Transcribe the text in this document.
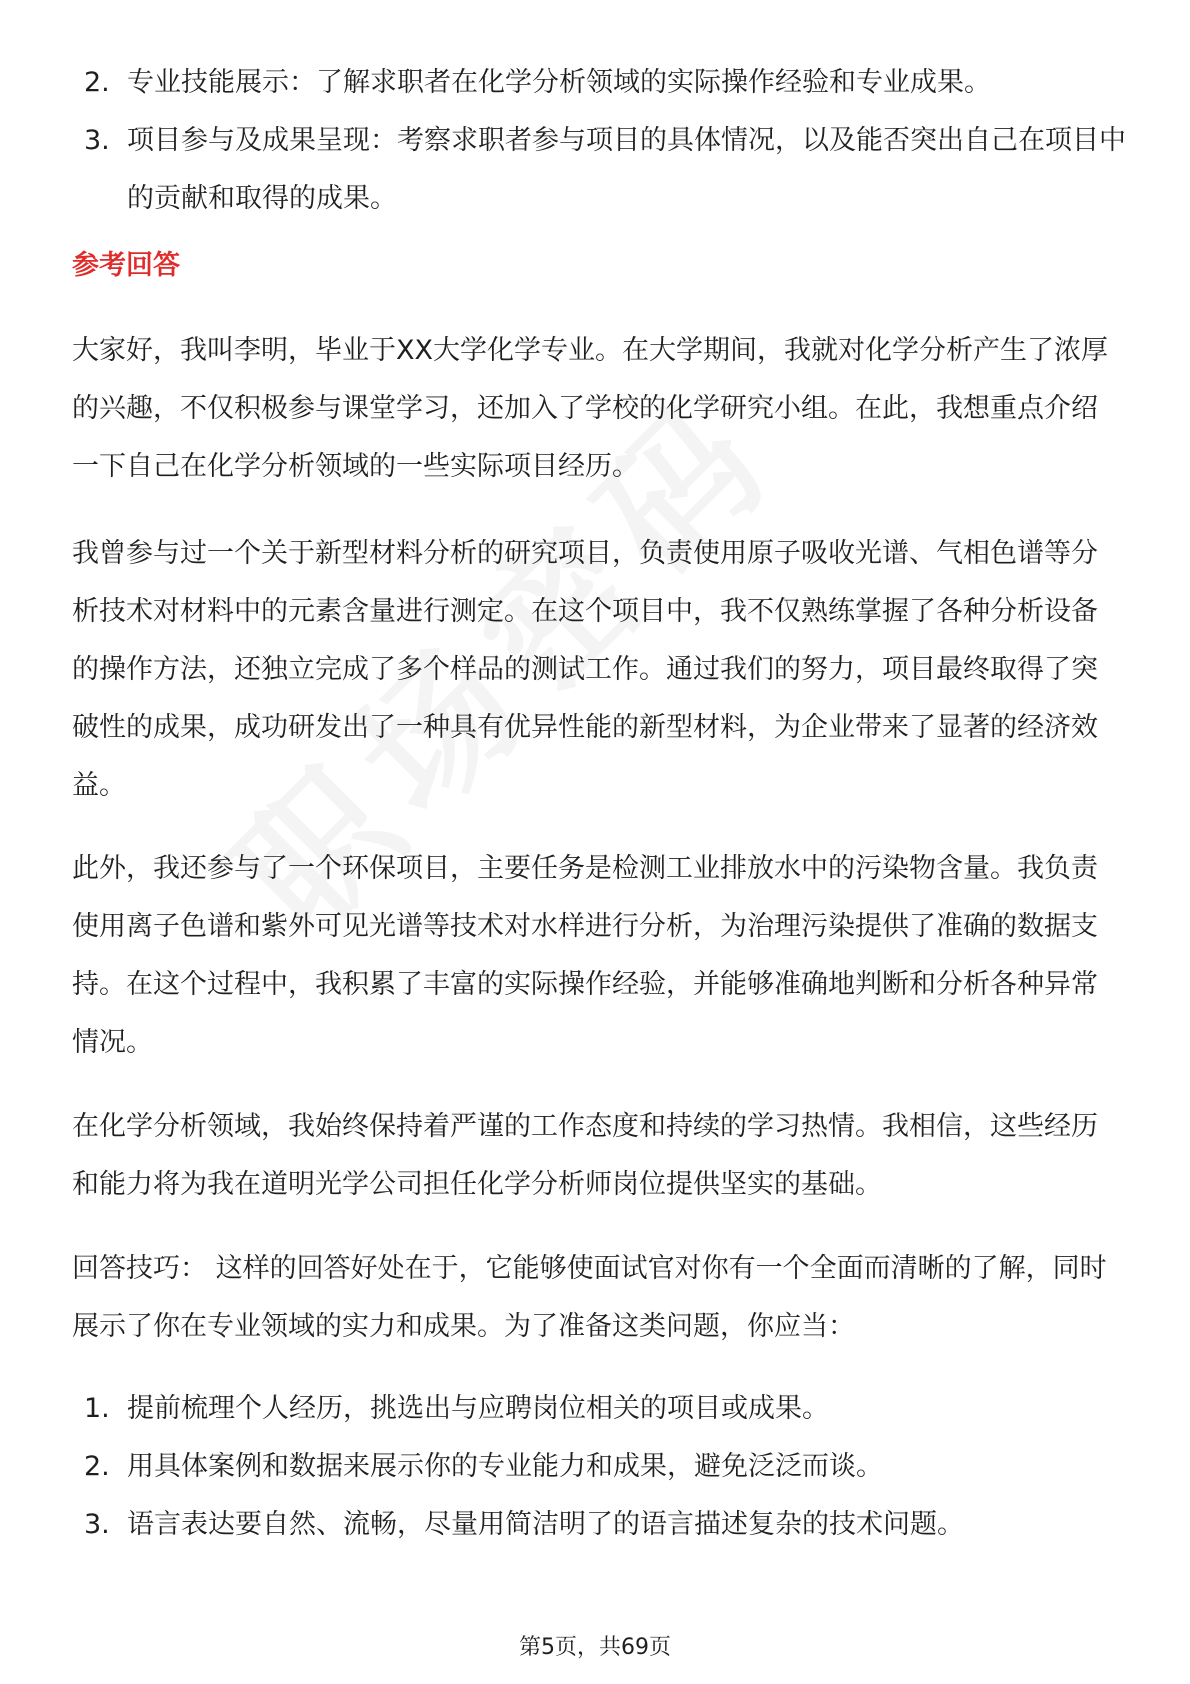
2. 专业技能展示：了解求职者在化学分析领域的实际操作经验和专业成果。
3. 项目参与及成果呈现：考察求职者参与项目的具体情况，以及能否突出自己在项目中的贡献和取得的成果。
参考回答

大家好，我叫李明，毕业于XX大学化学专业。在大学期间，我就对化学分析产生了浓厚的兴趣，不仅积极参与课堂学习，还加入了学校的化学研究小组。在此，我想重点介绍一下自己在化学分析领域的一些实际项目经历。

我曾参与过一个关于新型材料分析的研究项目，负责使用原子吸收光谱、气相色谱等分析技术对材料中的元素含量进行测定。在这个项目中，我不仅熟练掌握了各种分析设备的操作方法，还独立完成了多个样品的测试工作。通过我们的努力，项目最终取得了突破性的成果，成功研发出了一种具有优异性能的新型材料，为企业带来了显著的经济效益。

此外，我还参与了一个环保项目，主要任务是检测工业排放水中的污染物含量。我负责使用离子色谱和紫外可见光谱等技术对水样进行分析，为治理污染提供了准确的数据支持。在这个过程中，我积累了丰富的实际操作经验，并能够准确地判断和分析各种异常情况。

在化学分析领域，我始终保持着严谨的工作态度和持续的学习热情。我相信，这些经历和能力将为我在道明光学公司担任化学分析师岗位提供坚实的基础。

回答技巧： 这样的回答好处在于，它能够使面试官对你有一个全面而清晰的了解，同时展示了你在专业领域的实力和成果。为了准备这类问题，你应当：

1. 提前梳理个人经历，挑选出与应聘岗位相关的项目或成果。
2. 用具体案例和数据来展示你的专业能力和成果，避免泛泛而谈。
3. 语言表达要自然、流畅，尽量用简洁明了的语言描述复杂的技术问题。
第5页，共69页
